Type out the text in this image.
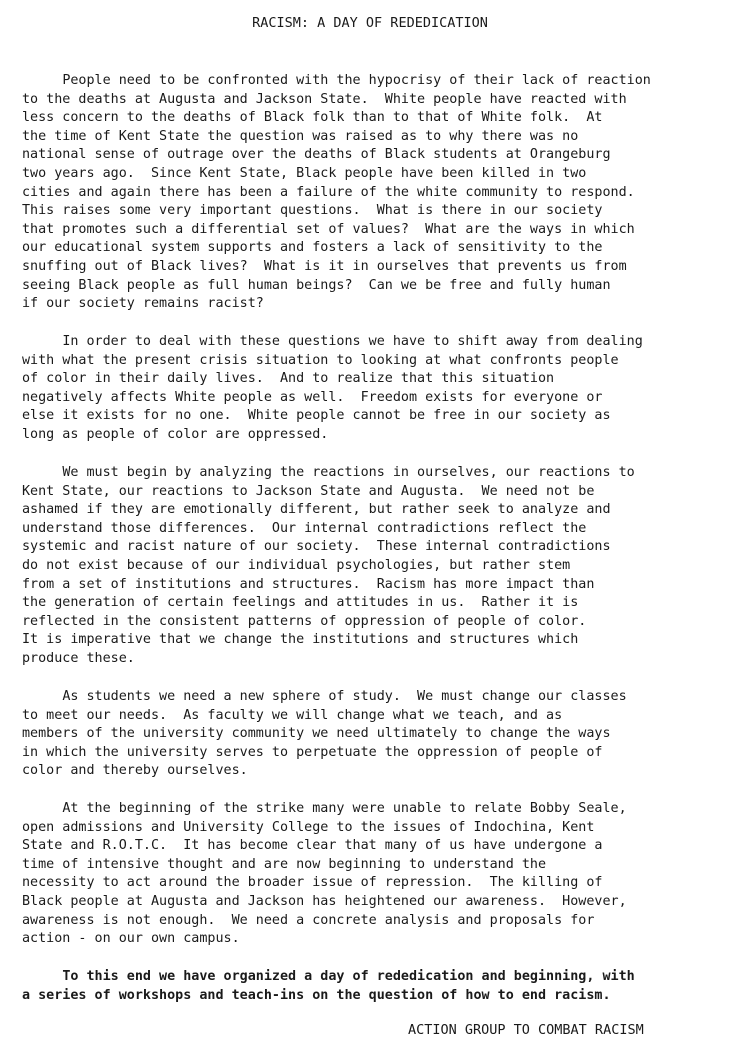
RACISM: A DAY OF REDEDICATION

People need to be confronted with the hypocrisy of their lack of reaction
to the deaths at Augusta and Jackson State.  White people have reacted with
less concern to the deaths of Black folk than to that of White folk.  At
the time of Kent State the question was raised as to why there was no
national sense of outrage over the deaths of Black students at Orangeburg
two years ago.  Since Kent State, Black people have been killed in two
cities and again there has been a failure of the white community to respond.
This raises some very important questions.  What is there in our society
that promotes such a differential set of values?  What are the ways in which
our educational system supports and fosters a lack of sensitivity to the
snuffing out of Black lives?  What is it in ourselves that prevents us from
seeing Black people as full human beings?  Can we be free and fully human
if our society remains racist?

In order to deal with these questions we have to shift away from dealing
with what the present crisis situation to looking at what confronts people
of color in their daily lives.  And to realize that this situation
negatively affects White people as well.  Freedom exists for everyone or
else it exists for no one.  White people cannot be free in our society as
long as people of color are oppressed.

We must begin by analyzing the reactions in ourselves, our reactions to
Kent State, our reactions to Jackson State and Augusta.  We need not be
ashamed if they are emotionally different, but rather seek to analyze and
understand those differences.  Our internal contradictions reflect the
systemic and racist nature of our society.  These internal contradictions
do not exist because of our individual psychologies, but rather stem
from a set of institutions and structures.  Racism has more impact than
the generation of certain feelings and attitudes in us.  Rather it is
reflected in the consistent patterns of oppression of people of color.
It is imperative that we change the institutions and structures which
produce these.

As students we need a new sphere of study.  We must change our classes
to meet our needs.  As faculty we will change what we teach, and as
members of the university community we need ultimately to change the ways
in which the university serves to perpetuate the oppression of people of
color and thereby ourselves.

At the beginning of the strike many were unable to relate Bobby Seale,
open admissions and University College to the issues of Indochina, Kent
State and R.O.T.C.  It has become clear that many of us have undergone a
time of intensive thought and are now beginning to understand the
necessity to act around the broader issue of repression.  The killing of
Black people at Augusta and Jackson has heightened our awareness.  However,
awareness is not enough.  We need a concrete analysis and proposals for
action - on our own campus.

To this end we have organized a day of rededication and beginning, with
a series of workshops and teach-ins on the question of how to end racism.

ACTION GROUP TO COMBAT RACISM
